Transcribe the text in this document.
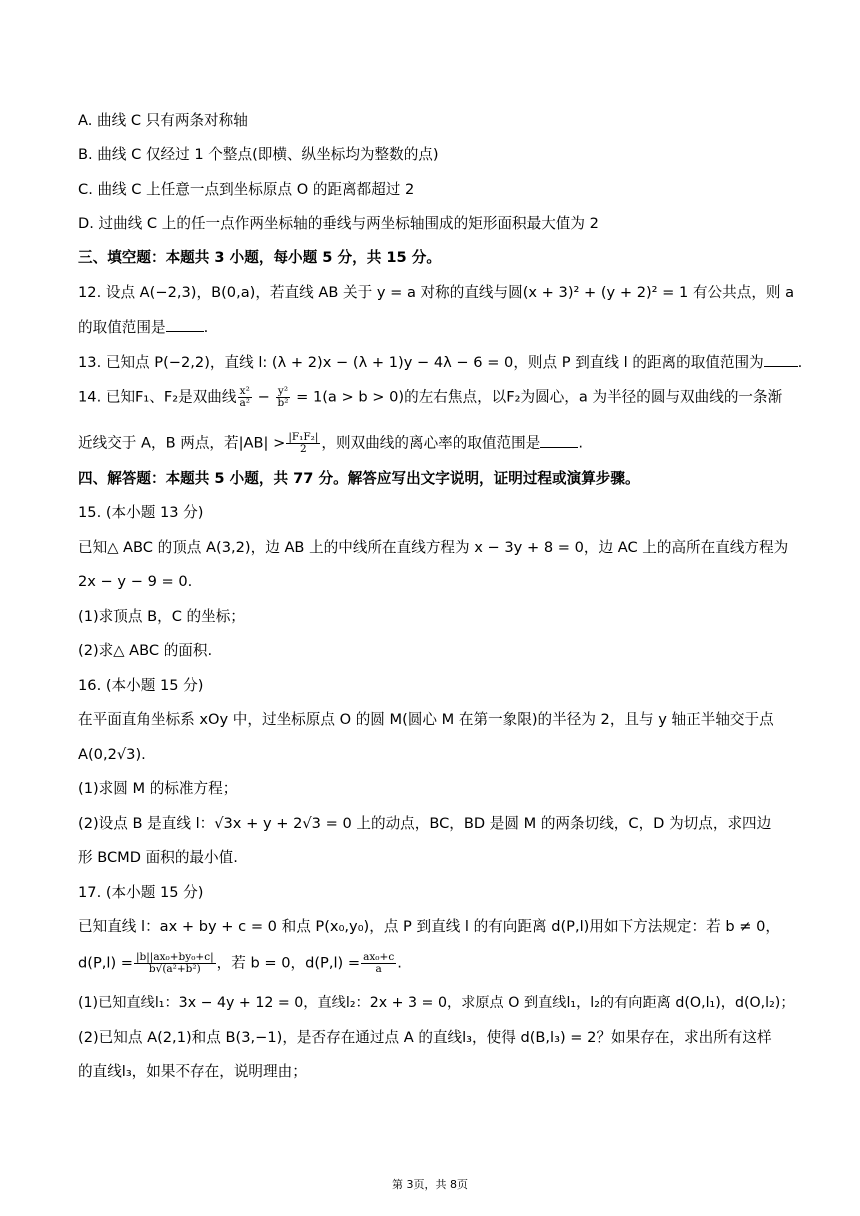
A. 曲线 C 只有两条对称轴
B. 曲线 C 仅经过 1 个整点(即横、纵坐标均为整数的点)
C. 曲线 C 上任意一点到坐标原点 O 的距离都超过 2
D. 过曲线 C 上的任一点作两坐标轴的垂线与两坐标轴围成的矩形面积最大值为 2
三、填空题：本题共 3 小题，每小题 5 分，共 15 分。
12. 设点 A(−2,3)，B(0,a)，若直线 AB 关于 y = a 对称的直线与圆(x + 3)² + (y + 2)² = 1 有公共点，则 a
的取值范围是	.
13. 已知点 P(−2,2)，直线 l: (λ + 2)x − (λ + 1)y − 4λ − 6 = 0，则点 P 到直线 l 的距离的取值范围为 .
14. 已知F₁、F₂是双曲线 $\frac{\text{x²}}{\text{a²}} - \frac{\text{y²}}{\text{b²}} = 1(a > b > 0)$的左右焦点，以F₂为圆心，a 为半径的圆与双曲线的一条渐
近线交于 A，B 两点，若$|AB| > \frac{\text{|F₁F₂|}}{2}$ ，则双曲线的离心率的取值范围是	.
四、解答题：本题共 5 小题，共 77 分。解答应写出文字说明，证明过程或演算步骤。
15. (本小题 13 分)
已知△ ABC 的顶点 A(3,2)，边 AB 上的中线所在直线方程为 x − 3y + 8 = 0，边 AC 上的高所在直线方程为
2x − y − 9 = 0.
(1)求顶点 B，C 的坐标；
(2)求△ ABC 的面积.
16. (本小题 15 分)
在平面直角坐标系 xOy 中，过坐标原点 O 的圆 M(圆心 M 在第一象限)的半径为 2，且与 y 轴正半轴交于点
A(0,2√3).
(1)求圆 M 的标准方程；
(2)设点 B 是直线 l：√3x + y + 2√3 = 0 上的动点，BC，BD 是圆 M 的两条切线，C，D 为切点，求四边
形 BCMD 面积的最小值.
17. (本小题 15 分)
已知直线 l：ax + by + c = 0 和点 P(x₀,y₀)，点 P 到直线 l 的有向距离 d(P,l)用如下方法规定：若 b ≠ 0，
$d(P,l) = \frac{\text{|b||ax₀+by₀+c|}}{\text{b√(a²+b²)}}$ ，若 b = 0，$d(P,l) = \frac{\text{ax₀+c}}{a}$ .
(1)已知直线l₁：3x − 4y + 12 = 0，直线l₂：2x + 3 = 0，求原点 O 到直线l₁，l₂的有向距离 d(O,l₁)，d(O,l₂)；
(2)已知点 A(2,1)和点 B(3,−1)，是否存在通过点 A 的直线l₃，使得 d(B,l₃) = 2？如果存在，求出所有这样
的直线l₃，如果不存在，说明理由；
第 3页，共 8页
